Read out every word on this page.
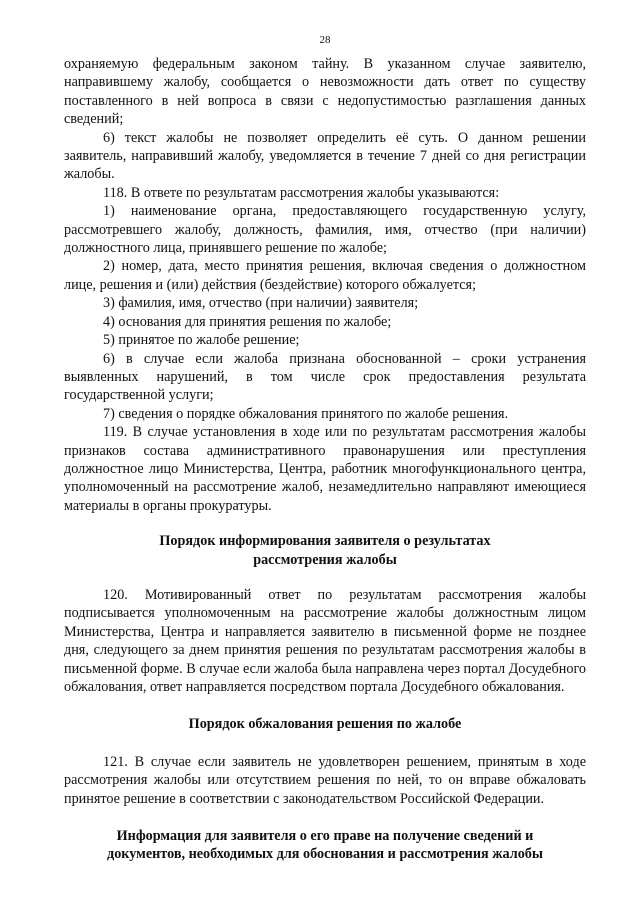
28

охраняемую федеральным законом тайну. В указанном случае заявителю, направившему жалобу, сообщается о невозможности дать ответ по существу поставленного в ней вопроса в связи с недопустимостью разглашения данных сведений;

6) текст жалобы не позволяет определить её суть. О данном решении заявитель, направивший жалобу, уведомляется в течение 7 дней со дня регистрации жалобы.

118. В ответе по результатам рассмотрения жалобы указываются:

1) наименование органа, предоставляющего государственную услугу, рассмотревшего жалобу, должность, фамилия, имя, отчество (при наличии) должностного лица, принявшего решение по жалобе;

2) номер, дата, место принятия решения, включая сведения о должностном лице, решения и (или) действия (бездействие) которого обжалуется;

3) фамилия, имя, отчество (при наличии) заявителя;

4) основания для принятия решения по жалобе;

5) принятое по жалобе решение;

6) в случае если жалоба признана обоснованной – сроки устранения выявленных нарушений, в том числе срок предоставления результата государственной услуги;

7) сведения о порядке обжалования принятого по жалобе решения.

119. В случае установления в ходе или по результатам рассмотрения жалобы признаков состава административного правонарушения или преступления должностное лицо Министерства, Центра, работник многофункционального центра, уполномоченный на рассмотрение жалоб, незамедлительно направляют имеющиеся материалы в органы прокуратуры.

Порядок информирования заявителя о результатах
рассмотрения жалобы

120. Мотивированный ответ по результатам рассмотрения жалобы подписывается уполномоченным на рассмотрение жалобы должностным лицом Министерства, Центра и направляется заявителю в письменной форме не позднее дня, следующего за днем принятия решения по результатам рассмотрения жалобы в письменной форме. В случае если жалоба была направлена через портал Досудебного обжалования, ответ направляется посредством портала Досудебного обжалования.

Порядок обжалования решения по жалобе

121. В случае если заявитель не удовлетворен решением, принятым в ходе рассмотрения жалобы или отсутствием решения по ней, то он вправе обжаловать принятое решение в соответствии с законодательством Российской Федерации.

Информация для заявителя о его праве на получение сведений и
документов, необходимых для обоснования и рассмотрения жалобы
